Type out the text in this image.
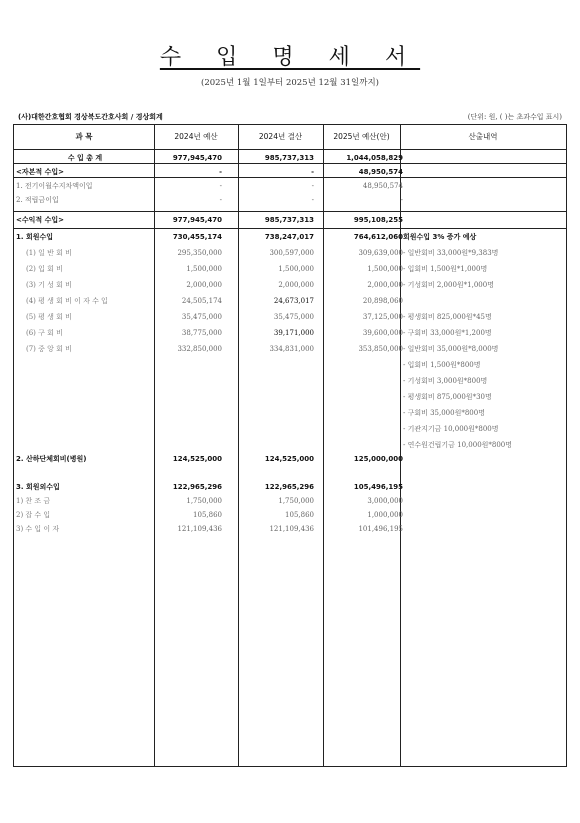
수 입 명 세 서
(2025년 1월 1일부터 2025년 12월 31일까지)
(사)대한간호협회 경상북도간호사회 / 경상회계	(단위: 원, ( )는 초과수입 표시)
과 목	2024년 예산	2024년 결산	2025년 예산(안)	산출내역
수 입 총 계	977,945,470	985,737,313	1,044,058,829
<자본적 수입>	-	-	48,950,574
1. 전기이월수지차액이입	-	-	48,950,574
2. 적립금이입	-	-	-
<수익적 수입>	977,945,470	985,737,313	995,108,255
1. 회원수입	730,455,174	738,247,017	764,612,060 회원수입 3% 증가 예상
(1) 일 반 회 비	295,350,000	300,597,000	309,639,000 - 일반회비 33,000원*9,383명
(2) 입 회 비	1,500,000	1,500,000	1,500,000 - 입회비 1,500원*1,000명
(3) 기 성 회 비	2,000,000	2,000,000	2,000,000 - 기성회비 2,000원*1,000명
(4) 평 생 회 비 이 자 수 입	24,505,174	24,673,017	20,898,060
(5) 평 생 회 비	35,475,000	35,475,000	37,125,000 - 평생회비 825,000원*45명
(6) 구 회 비	38,775,000	39,171,000	39,600,000 - 구회비 33,000원*1,200명
(7) 중 앙 회 비	332,850,000	334,831,000	353,850,000 - 일반회비 35,000원*8,000명
- 입회비 1,500원*800명
- 기성회비 3,000원*800명
- 평생회비 875,000원*30명
- 구회비 35,000원*800명
- 기관지기금 10,000원*800명
- 연수원건립기금 10,000원*800명
2. 산하단체회비(병원)	124,525,000	124,525,000	125,000,000
3. 회원외수입	122,965,296	122,965,296	105,496,195
1) 찬 조 금	1,750,000	1,750,000	3,000,000
2) 잡 수 입	105,860	105,860	1,000,000
3) 수 입 이 자	121,109,436	121,109,436	101,496,195
